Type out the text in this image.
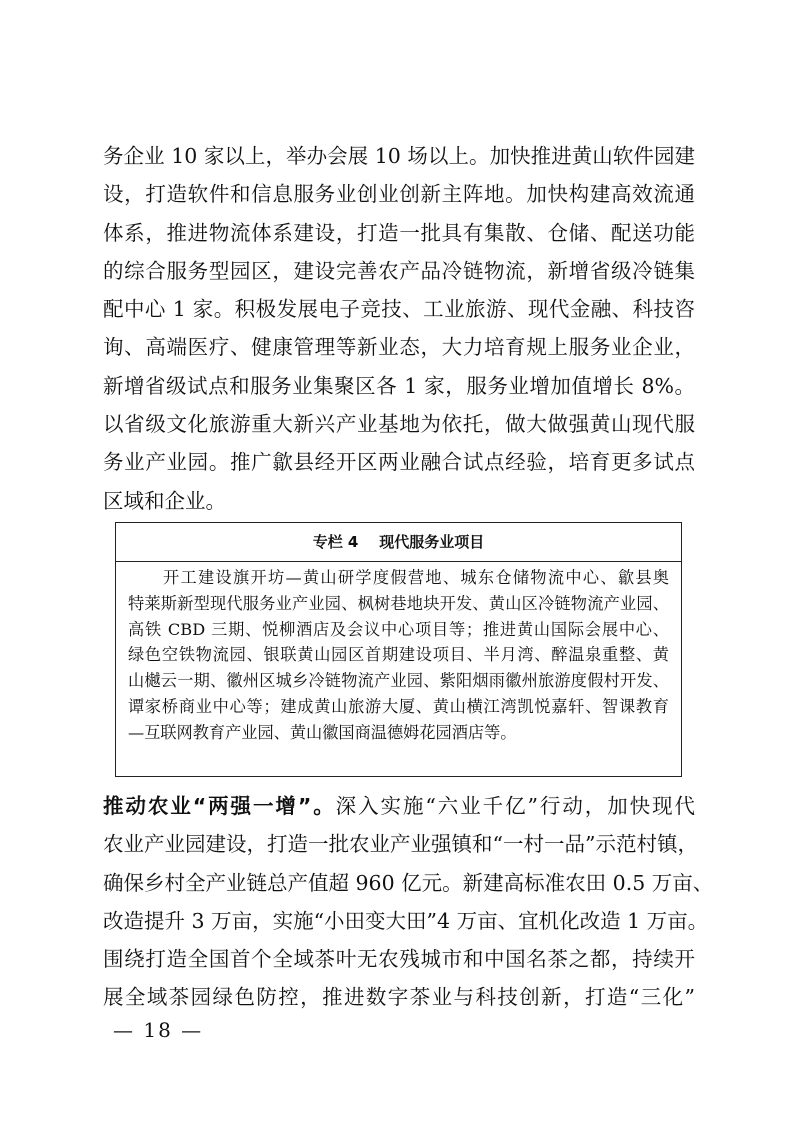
务企业 10 家以上，举办会展 10 场以上。加快推进黄山软件园建
设，打造软件和信息服务业创业创新主阵地。加快构建高效流通
体系，推进物流体系建设，打造一批具有集散、仓储、配送功能
的综合服务型园区，建设完善农产品冷链物流，新增省级冷链集
配中心 1 家。积极发展电子竞技、工业旅游、现代金融、科技咨
询、高端医疗、健康管理等新业态，大力培育规上服务业企业，
新增省级试点和服务业集聚区各 1 家，服务业增加值增长 8%。
以省级文化旅游重大新兴产业基地为依托，做大做强黄山现代服
务业产业园。推广歙县经开区两业融合试点经验，培育更多试点
区域和企业。
专栏 4 现代服务业项目
　　开工建设旗开坊—黄山研学度假营地、城东仓储物流中心、歙县奥
特莱斯新型现代服务业产业园、枫树巷地块开发、黄山区冷链物流产业园、
高铁 CBD 三期、悦柳酒店及会议中心项目等；推进黄山国际会展中心、
绿色空铁物流园、银联黄山园区首期建设项目、半月湾、醉温泉重整、黄
山樾云一期、徽州区城乡冷链物流产业园、紫阳烟雨徽州旅游度假村开发、
谭家桥商业中心等；建成黄山旅游大厦、黄山横江湾凯悦嘉轩、智课教育
—互联网教育产业园、黄山徽国商温德姆花园酒店等。
推动农业“两强一增”。深入实施“六业千亿”行动，加快现代
农业产业园建设，打造一批农业产业强镇和“一村一品”示范村镇，
确保乡村全产业链总产值超 960 亿元。新建高标准农田 0.5 万亩、
改造提升 3 万亩，实施“小田变大田”4 万亩、宜机化改造 1 万亩。
围绕打造全国首个全域茶叶无农残城市和中国名茶之都，持续开
展全域茶园绿色防控，推进数字茶业与科技创新，打造“三化”
— 18 —
